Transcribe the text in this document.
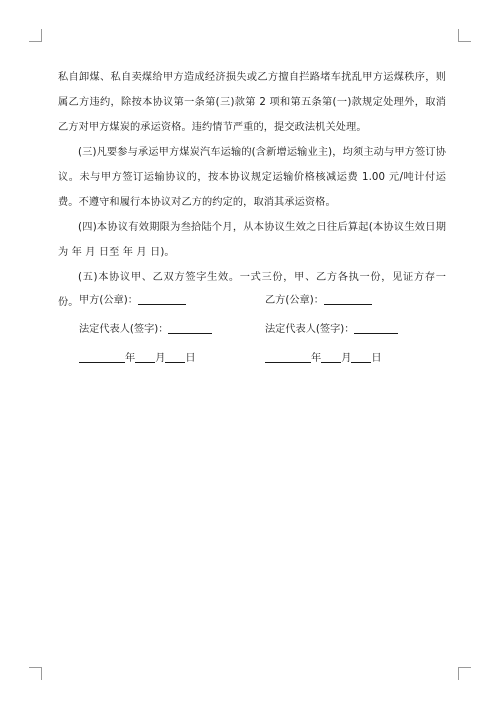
私自卸煤、私自卖煤给甲方造成经济损失或乙方擅自拦路堵车扰乱甲方运煤秩序，则属乙方违约，除按本协议第一条第(三)款第 2 项和第五条第(一)款规定处理外，取消乙方对甲方煤炭的承运资格。违约情节严重的，提交政法机关处理。

(三)凡要参与承运甲方煤炭汽车运输的(含新增运输业主)，均须主动与甲方签订协议。未与甲方签订运输协议的，按本协议规定运输价格核减运费 1.00 元/吨计付运费。不遵守和履行本协议对乙方的约定的，取消其承运资格。

(四)本协议有效期限为叁拾陆个月，从本协议生效之日往后算起(本协议生效日期为 年 月 日至 年 月 日)。

(五)本协议甲、乙双方签字生效。一式三份，甲、乙方各执一份，见证方存一份。 甲方(公章)：	乙方(公章)：
法定代表人(签字)：	法定代表人(签字)：
年 月 日	年 月 日
